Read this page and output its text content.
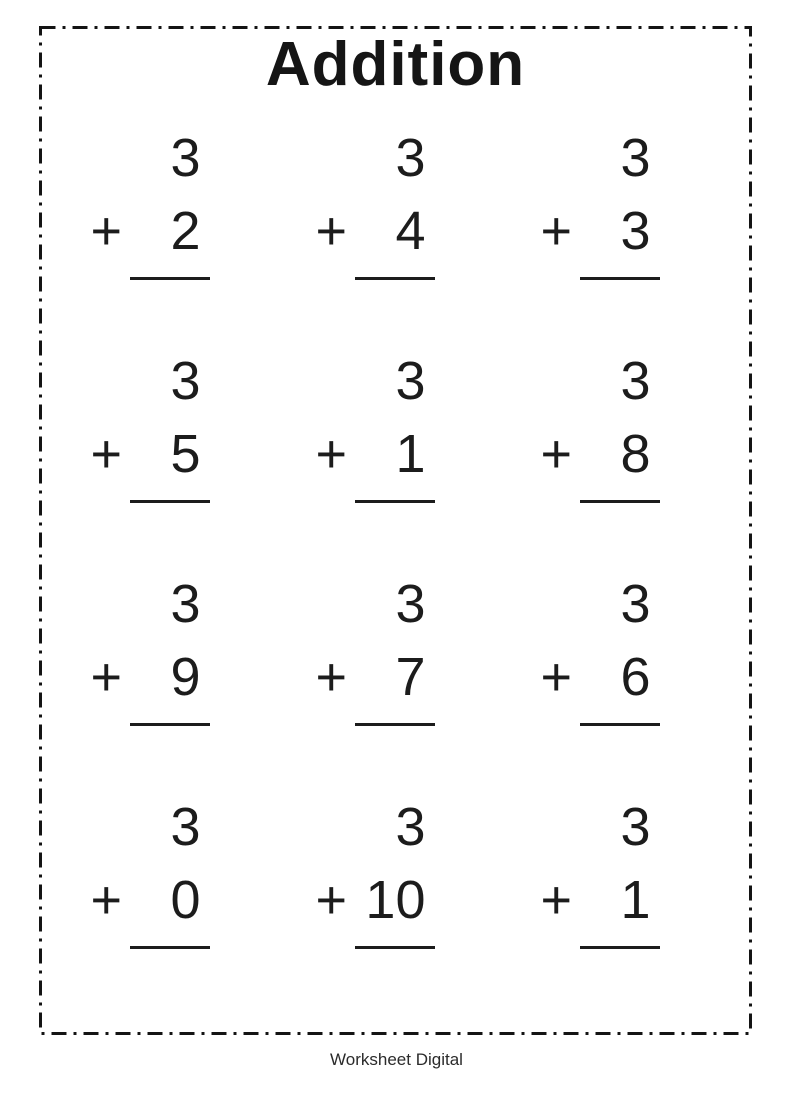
Addition
3
+ 2
3
+ 4
3
+ 3
3
+ 5
3
+ 1
3
+ 8
3
+ 9
3
+ 7
3
+ 6
3
+ 0
3
+ 10
3
+ 1
Worksheet Digital
